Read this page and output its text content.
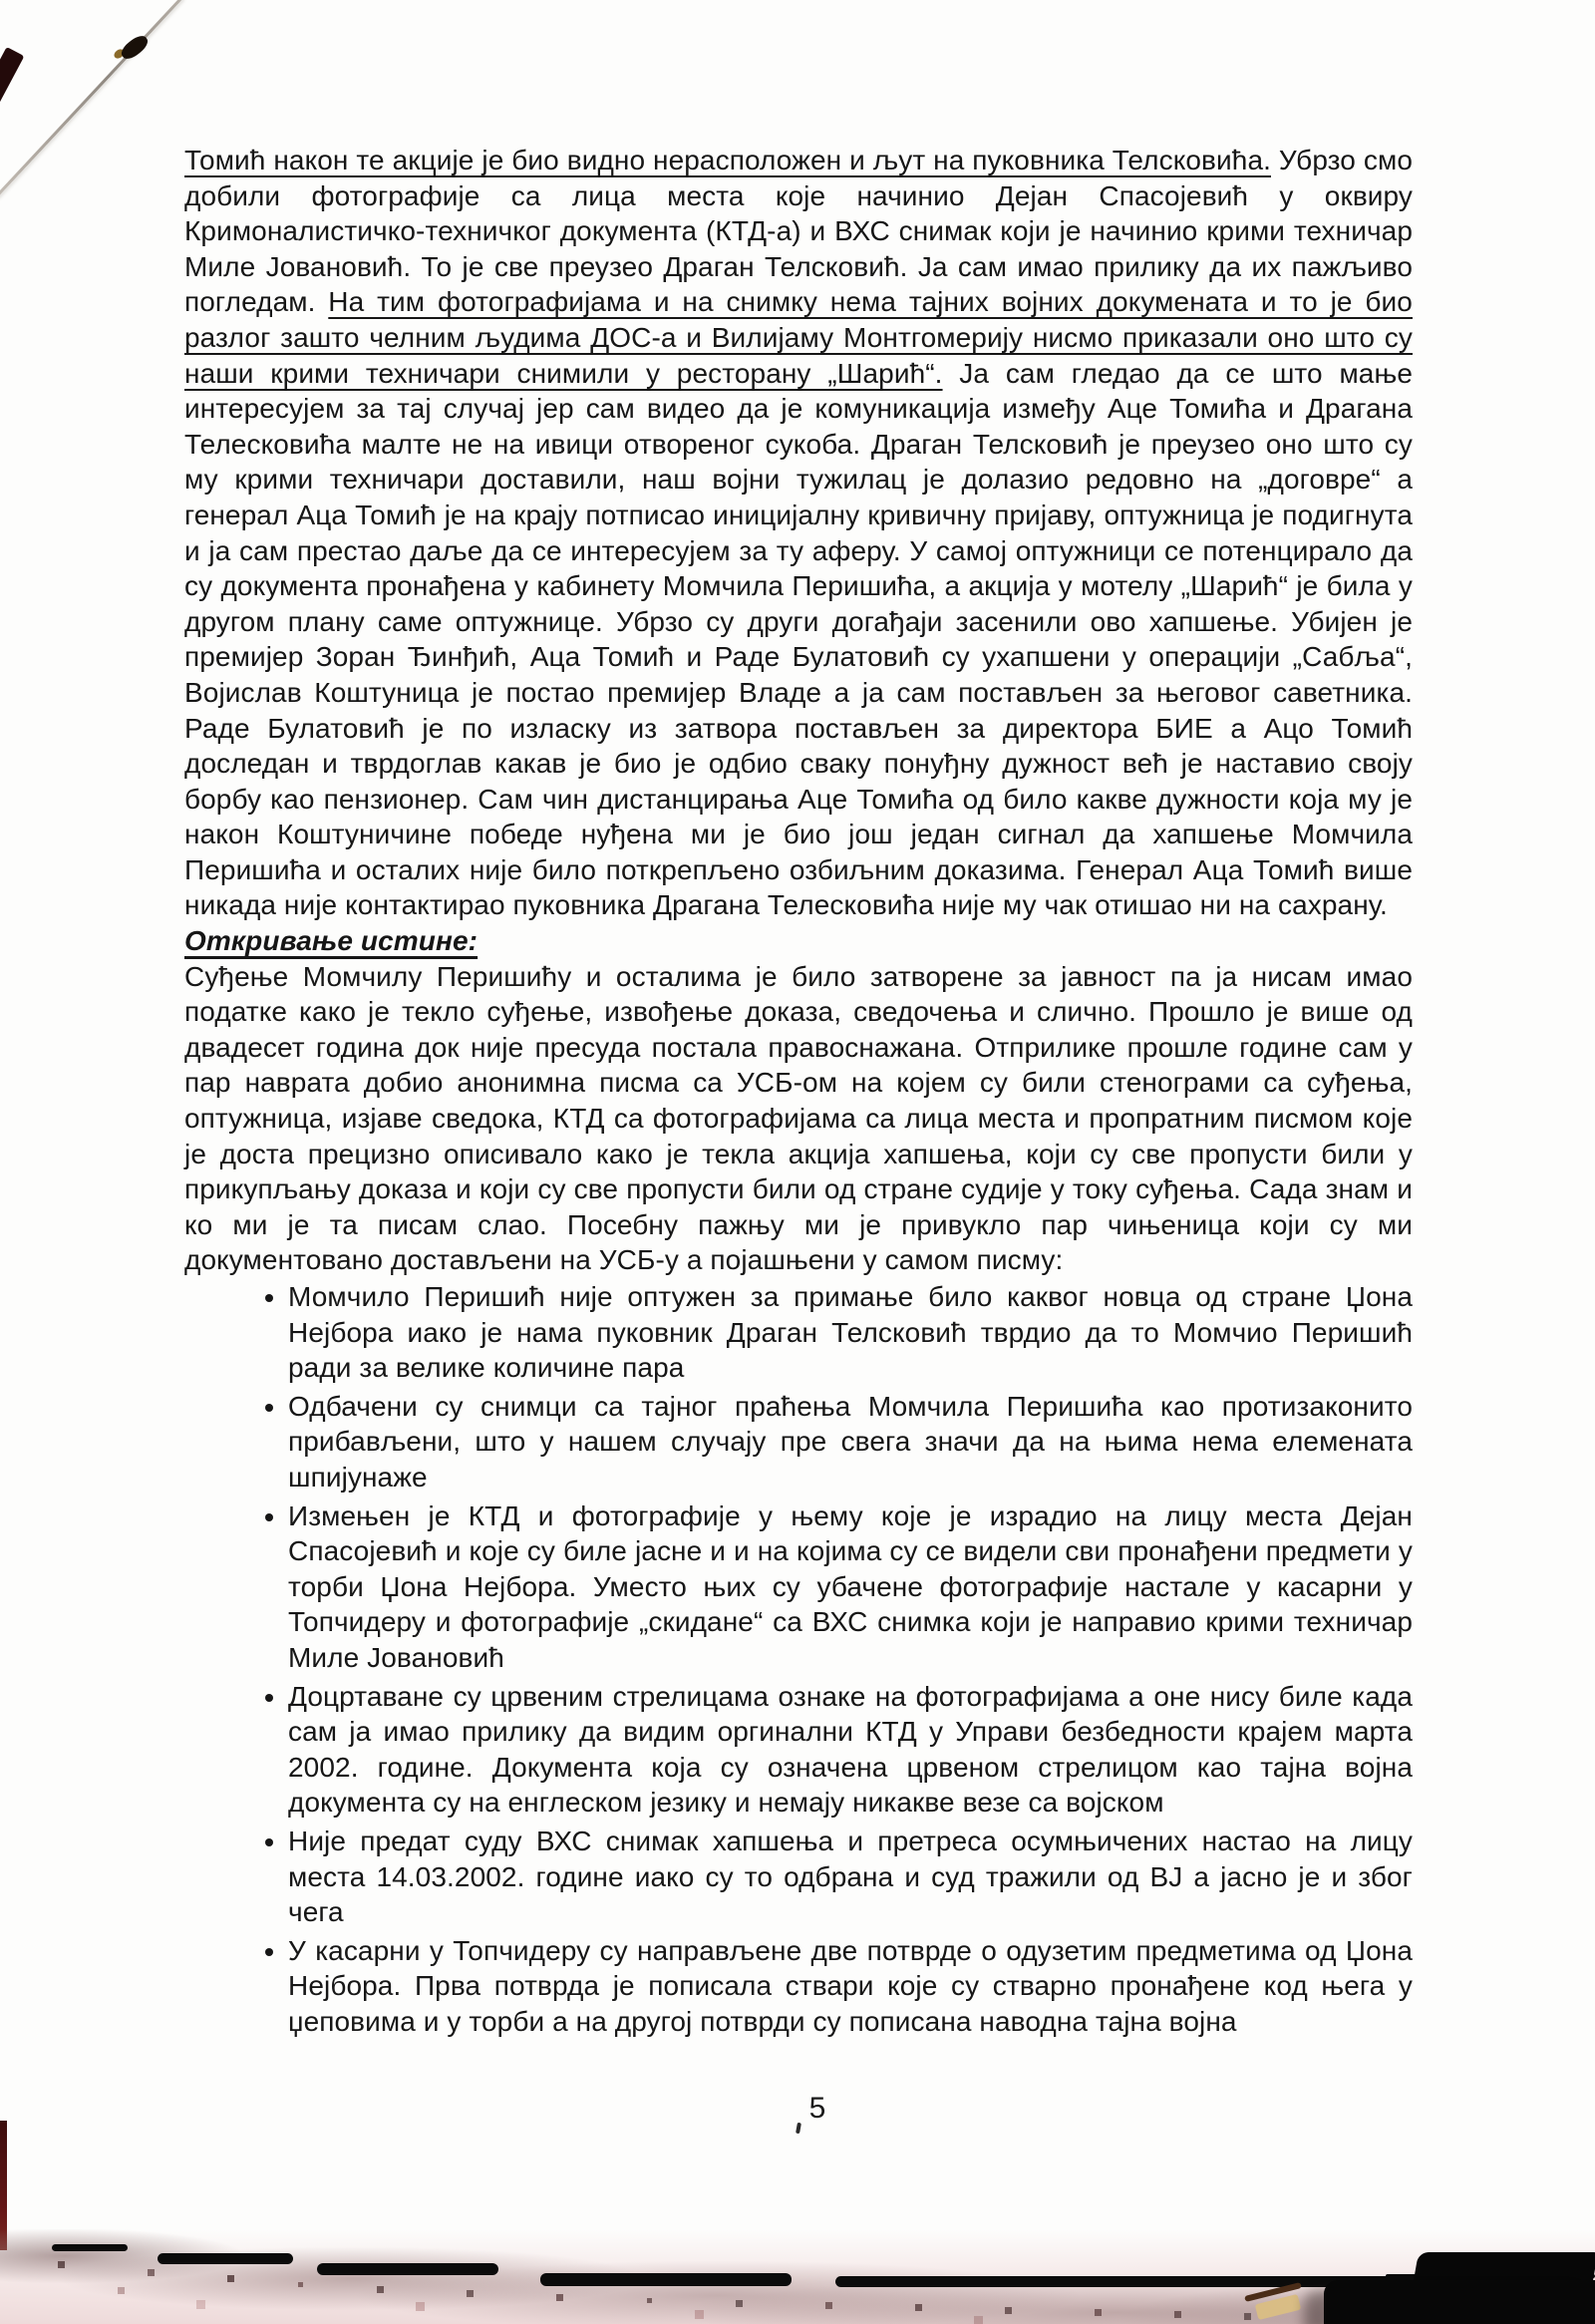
Томић након те акције је био видно нерасположен и љут на пуковника Телсковића. Убрзо смо добили фотографије са лица места које начинио Дејан Спасојевић у оквиру Кримоналистичко-техничког документа (КТД-а) и ВХС снимак који је начинио крими техничар Миле Јовановић. То је све преузео Драган Телсковић. Ја сам имао прилику да их пажљиво погледам. На тим фотографијама и на снимку нема тајних војних докумената и то је био разлог зашто челним људима ДОС-а и Вилијаму Монтгомерију нисмо приказали оно што су наши крими техничари снимили у ресторану „Шарић“. Ја сам гледао да се што мање интересујем за тај случај јер сам видео да је комуникација између Аце Томића и Драгана Телесковића малте не на ивици отвореног сукоба. Драган Телсковић је преузео оно што су му крими техничари доставили, наш војни тужилац је долазио редовно на „договре“ а генерал Аца Томић је на крају потписао иницијалну кривичну пријаву, оптужница је подигнута и ја сам престао даље да се интересујем за ту аферу. У самој оптужници се потенцирало да су документа пронађена у кабинету Момчила Перишића, а акција у мотелу „Шарић“ је била у другом плану саме оптужнице. Убрзо су други догађаји засенили ово хапшење. Убијен је премијер Зоран Ђинђић, Аца Томић и Раде Булатовић су ухапшени у операцији „Сабља“, Војислав Коштуница је постао премијер Владе а ја сам постављен за његовог саветника. Раде Булатовић је по изласку из затвора постављен за директора БИЕ а Ацо Томић доследан и тврдоглав какав је био је одбио сваку понуђну дужност већ је наставио своју борбу као пензионер. Сам чин дистанцирања Аце Томића од било какве дужности која му је након Коштуничине победе нуђена ми је био још један сигнал да хапшење Момчила Перишића и осталих није било поткрепљено озбиљним доказима. Генерал Аца Томић више никада није контактирао пуковника Драгана Телесковића није му чак отишао ни на сахрану.

Откривање истине:

Суђење Момчилу Перишићу и осталима је било затворене за јавност па ја нисам имао податке како је текло суђење, извођење доказа, сведочења и слично. Прошло је више од двадесет година док није пресуда постала правоснажана. Отприлике прошле године сам у пар наврата добио анонимна писма са УСБ-ом на којем су били стенограми са суђења, оптужница, изјаве сведока, КТД са фотографијама са лица места и пропратним писмом које је доста прецизно описивало како је текла акција хапшења, који су све пропусти били у прикупљању доказа и који су све пропусти били од стране судије у току суђења. Сада знам и ко ми је та писам слао. Посебну пажњу ми је привукло пар чињеница који су ми документовано достављени на УСБ-у а појашњени у самом писму:

• Момчило Перишић није оптужен за примање било каквог новца од стране Џона Нејбора иако је нама пуковник Драган Телсковић тврдио да то Момчио Перишић ради за велике количине пара
• Одбачени су снимци са тајног праћења Момчила Перишића као протизаконито прибављени, што у нашем случају пре свега значи да на њима нема елемената шпијунаже
• Измењен је КТД и фотографије у њему које је израдио на лицу места Дејан Спасојевић и које су биле јасне и и на којима су се видели сви пронађени предмети у торби Џона Нејбора. Уместо њих су убачене фотографије настале у касарни у Топчидеру и фотографије „скидане“ са ВХС снимка који је направио крими техничар Миле Јовановић
• Доцртаване су црвеним стрелицама ознаке на фотографијама а оне нису биле када сам ја имао прилику да видим оргинални КТД у Управи безбедности крајем марта 2002. године. Документа која су означена црвеном стрелицом као тајна војна документа су на енглеском језику и немају никакве везе са војском
• Није предат суду ВХС снимак хапшења и претреса осумњичених настао на лицу места 14.03.2002. године иако су то одбрана и суд тражили од ВЈ а јасно је и због чега
• У касарни у Топчидеру су направљене две потврде о одузетим предметима од Џона Нејбора. Прва потврда је пописала ствари које су стварно пронађене код њега у џеповима и у торби а на другој потврди су пописана наводна тајна војна
5
